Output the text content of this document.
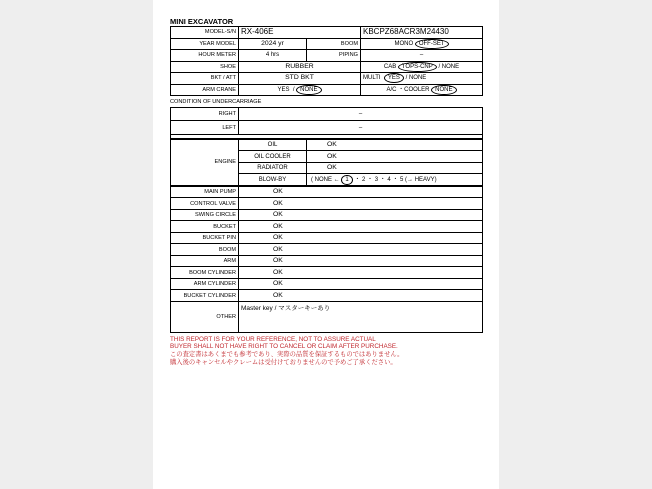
MINI EXCAVATOR
MODEL-S/N	RX-406E		KBCPZ68ACR3M24430
YEAR MODEL	2024 yr	BOOM	MONO OFF-SET
HOUR METER	4 hrs	PIPING	–
SHOE	RUBBER		CAB TOPS-CNP / NONE
BKT / ATT	STD BKT		MULTI YES / NONE
ARM CRANE	YES / NONE		A/C ・COOLER NONE
CONDITION OF UNDERCARRIAGE
RIGHT	–
LEFT	–

ENGINE	OIL	OK
	OIL COOLER	OK
	RADIATOR	OK
	BLOW-BY	( NONE ← 1 ・ 2 ・ 3 ・ 4 ・ 5 (→ HEAVY)
MAIN PUMP	OK
CONTROL VALVE	OK
SWING CIRCLE	OK
BUCKET	OK
BUCKET PIN	OK
BOOM	OK
ARM	OK
BOOM CYLINDER	OK
ARM CYLINDER	OK
BUCKET CYLINDER	OK
OTHER	Master key / マスターキーあり
THIS REPORT IS FOR YOUR REFERENCE, NOT TO ASSURE ACTUAL
BUYER SHALL NOT HAVE RIGHT TO CANCEL OR CLAIM AFTER PURCHASE.
この査定書はあくまでも参考であり、実際の品質を保証するものではありません。
購入後のキャンセルやクレームは受付けておりませんので予めご了承ください。
